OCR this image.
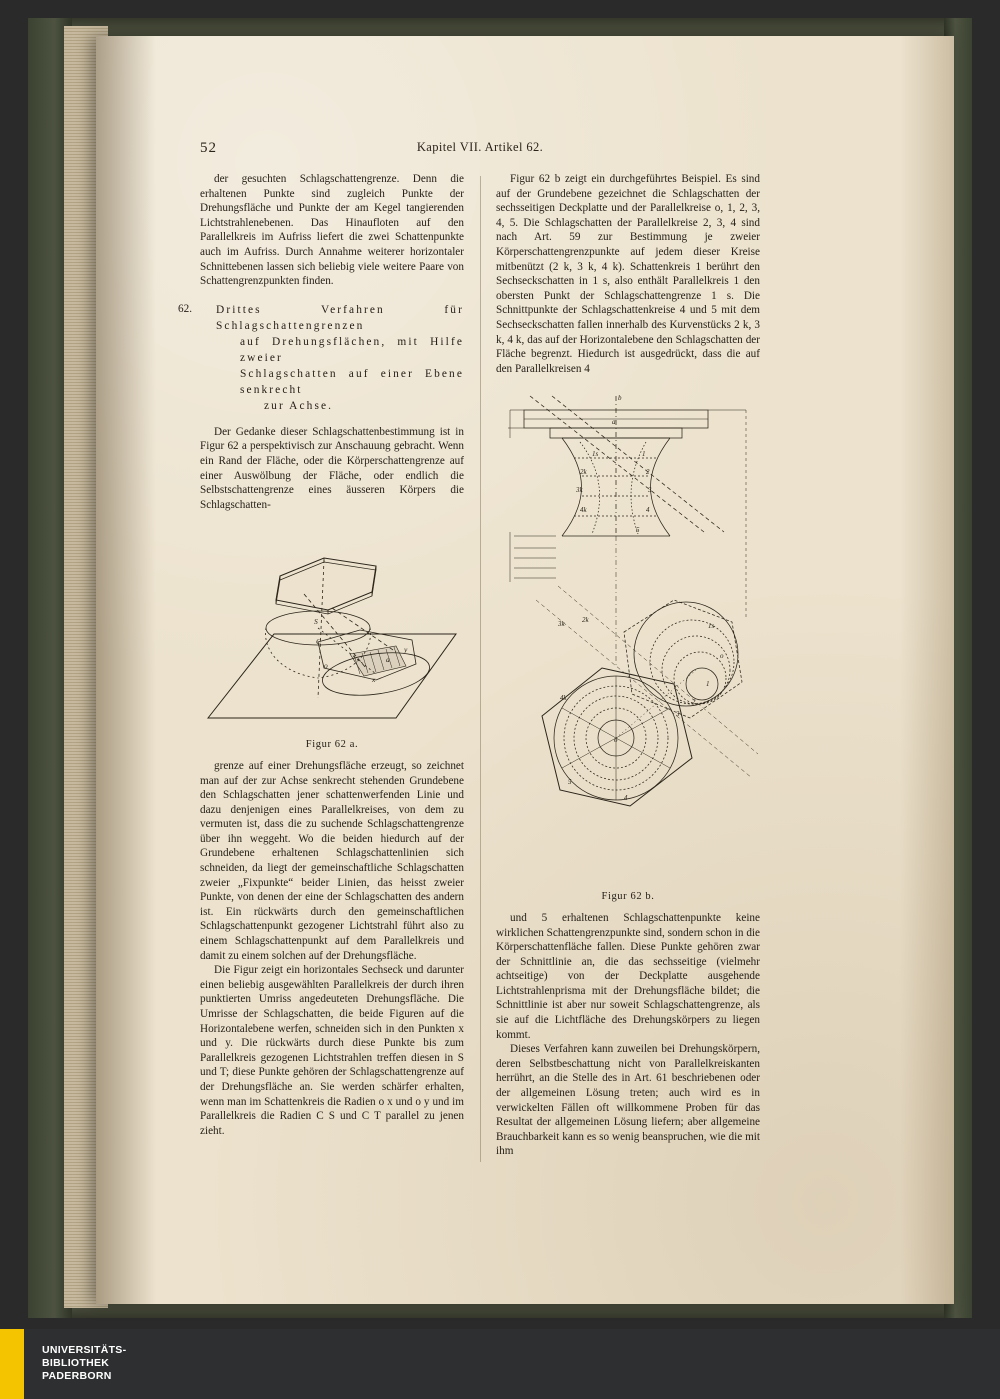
52	Kapitel VII. Artikel 62.

der gesuchten Schlagschattengrenze. Denn die erhaltenen Punkte sind zugleich Punkte der Drehungsfläche und Punkte der am Kegel tangierenden Lichtstrahlenebenen. Das Hinaufloten auf den Parallelkreis im Aufriss liefert die zwei Schattenpunkte auch im Aufriss. Durch Annahme weiterer horizontaler Schnittebenen lassen sich beliebig viele weitere Paare von Schattengrenzpunkten finden.

62. Drittes Verfahren für Schlagschattengrenzen
auf Drehungsflächen, mit Hilfe zweier
Schlagschatten auf einer Ebene senkrecht
zur Achse.

Der Gedanke dieser Schlagschattenbestimmung ist in Figur 62 a perspektivisch zur Anschauung gebracht. Wenn ein Rand der Fläche, oder die Körperschattengrenze auf einer Auswölbung der Fläche, oder endlich die Selbstschattengrenze eines äusseren Körpers die Schlagschatten-

S
C
o
y
x
a
Figur 62 a.

grenze auf einer Drehungsfläche erzeugt, so zeichnet man auf der zur Achse senkrecht stehenden Grundebene den Schlagschatten jener schattenwerfenden Linie und dazu denjenigen eines Parallelkreises, von dem zu vermuten ist, dass die zu suchende Schlagschattengrenze über ihn weggeht. Wo die beiden hiedurch auf der Grundebene erhaltenen Schlagschattenlinien sich schneiden, da liegt der gemeinschaftliche Schlagschatten zweier „Fixpunkte“ beider Linien, das heisst zweier Punkte, von denen der eine der Schlagschatten des andern ist. Ein rückwärts durch den gemeinschaftlichen Schlagschattenpunkt gezogener Lichtstrahl führt also zu einem Schlagschattenpunkt auf dem Parallelkreis und damit zu einem solchen auf der Drehungsfläche.

Die Figur zeigt ein horizontales Sechseck und darunter einen beliebig ausgewählten Parallelkreis der durch ihren punktierten Umriss angedeuteten Drehungsfläche. Die Umrisse der Schlagschatten, die beide Figuren auf die Horizontalebene werfen, schneiden sich in den Punkten x und y. Die rückwärts durch diese Punkte bis zum Parallelkreis gezogenen Lichtstrahlen treffen diesen in S und T; diese Punkte gehören der Schlagschattengrenze auf der Drehungsfläche an. Sie werden schärfer erhalten, wenn man im Schattenkreis die Radien o x und o y und im Parallelkreis die Radien C S und C T parallel zu jenen zieht.

Figur 62 b zeigt ein durchgeführtes Beispiel. Es sind auf der Grundebene gezeichnet die Schlagschatten der sechsseitigen Deckplatte und der Parallelkreise o, 1, 2, 3, 4, 5. Die Schlagschatten der Parallelkreise 2, 3, 4 sind nach Art. 59 zur Bestimmung je zweier Körperschattengrenzpunkte auf jedem dieser Kreise mitbenützt (2 k, 3 k, 4 k). Schattenkreis 1 berührt den Sechseckschatten in 1 s, also enthält Parallelkreis 1 den obersten Punkt der Schlagschattengrenze 1 s. Die Schnittpunkte der Schlagschattenkreise 4 und 5 mit dem Sechseckschatten fallen innerhalb des Kurvenstücks 2 k, 3 k, 4 k, das auf der Horizontalebene den Schlagschatten der Fläche begrenzt. Hiedurch ist ausgedrückt, dass die auf den Parallelkreisen 4

b
a
1s
2k
3k
4k
1
2
3
4
5
3k 2k
1s
o
1
2
3
4k
o
5
4
Figur 62 b.

und 5 erhaltenen Schlagschattenpunkte keine wirklichen Schattengrenzpunkte sind, sondern schon in die Körperschattenfläche fallen. Diese Punkte gehören zwar der Schnittlinie an, die das sechsseitige (vielmehr achtseitige) von der Deckplatte ausgehende Lichtstrahlenprisma mit der Drehungsfläche bildet; die Schnittlinie ist aber nur soweit Schlagschattengrenze, als sie auf die Lichtfläche des Drehungskörpers zu liegen kommt.

Dieses Verfahren kann zuweilen bei Drehungskörpern, deren Selbstbeschattung nicht von Parallelkreiskanten herrührt, an die Stelle des in Art. 61 beschriebenen oder der allgemeinen Lösung treten; auch wird es in verwickelten Fällen oft willkommene Proben für das Resultat der allgemeinen Lösung liefern; aber allgemeine Brauchbarkeit kann es so wenig beanspruchen, wie die mit ihm

UNIVERSITÄTS-
BIBLIOTHEK
PADERBORN
